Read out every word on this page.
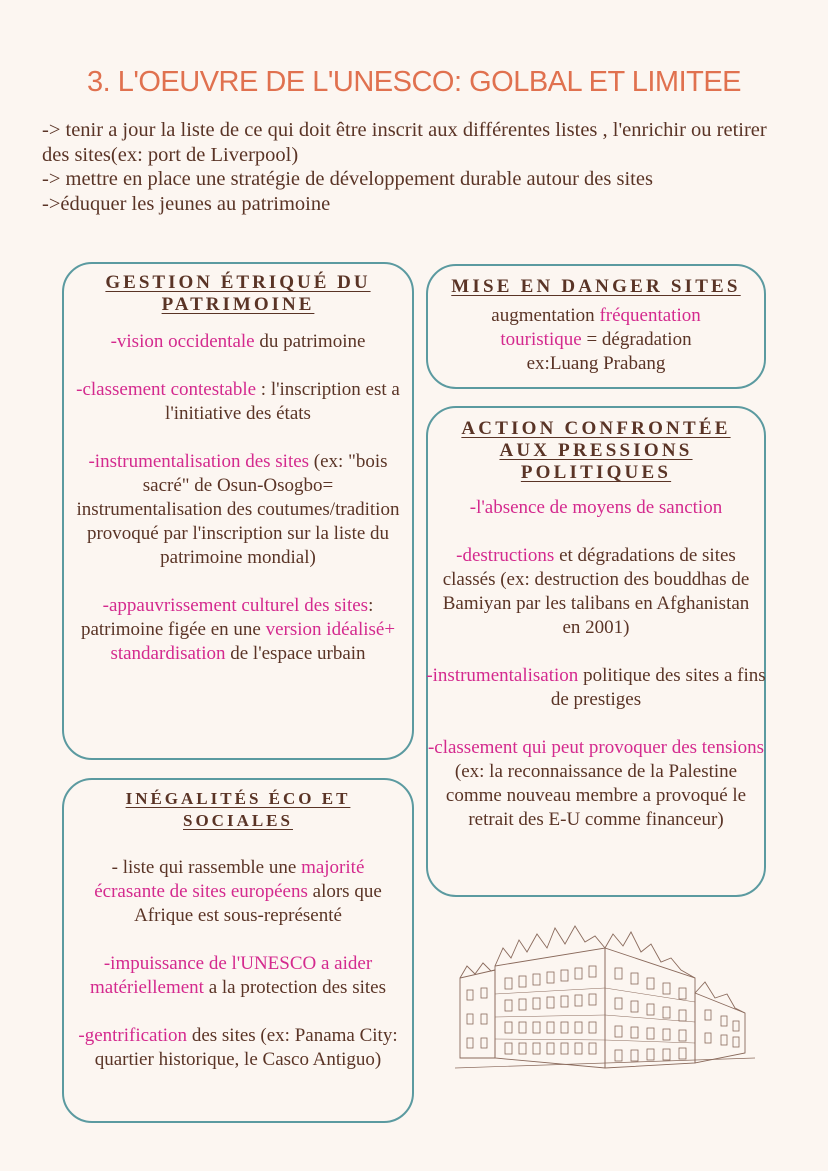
3. L'OEUVRE DE L'UNESCO: GOLBAL ET LIMITEE

-> tenir a jour la liste de ce qui doit être inscrit aux différentes listes , l'enrichir ou retirer des sites(ex: port de Liverpool)

-> mettre en place une stratégie de développement durable autour des sites

->éduquer les jeunes au patrimoine

GESTION ÉTRIQUÉ DU PATRIMOINE

-vision occidentale du patrimoine

-classement contestable : l'inscription est a l'initiative des états

-instrumentalisation des sites (ex: "bois sacré" de Osun-Osogbo= instrumentalisation des coutumes/tradition provoqué par l'inscription sur la liste du patrimoine mondial)

-appauvrissement culturel des sites: patrimoine figée en une version idéalisé+ standardisation de l'espace urbain

MISE EN DANGER SITES

augmentation fréquentation touristique = dégradation
ex:Luang Prabang

ACTION CONFRONTÉE AUX PRESSIONS POLITIQUES

-l'absence de moyens de sanction

-destructions et dégradations de sites classés (ex: destruction des bouddhas de Bamiyan par les talibans en Afghanistan en 2001)

-instrumentalisation politique des sites a fins de prestiges

-classement qui peut provoquer des tensions (ex: la reconnaissance de la Palestine comme nouveau membre a provoqué le retrait des E-U comme financeur)

INÉGALITÉS ÉCO ET SOCIALES

- liste qui rassemble une majorité écrasante de sites européens alors que Afrique est sous-représenté

-impuissance de l'UNESCO a aider matériellement a la protection des sites

-gentrification des sites (ex: Panama City: quartier historique, le Casco Antiguo)
